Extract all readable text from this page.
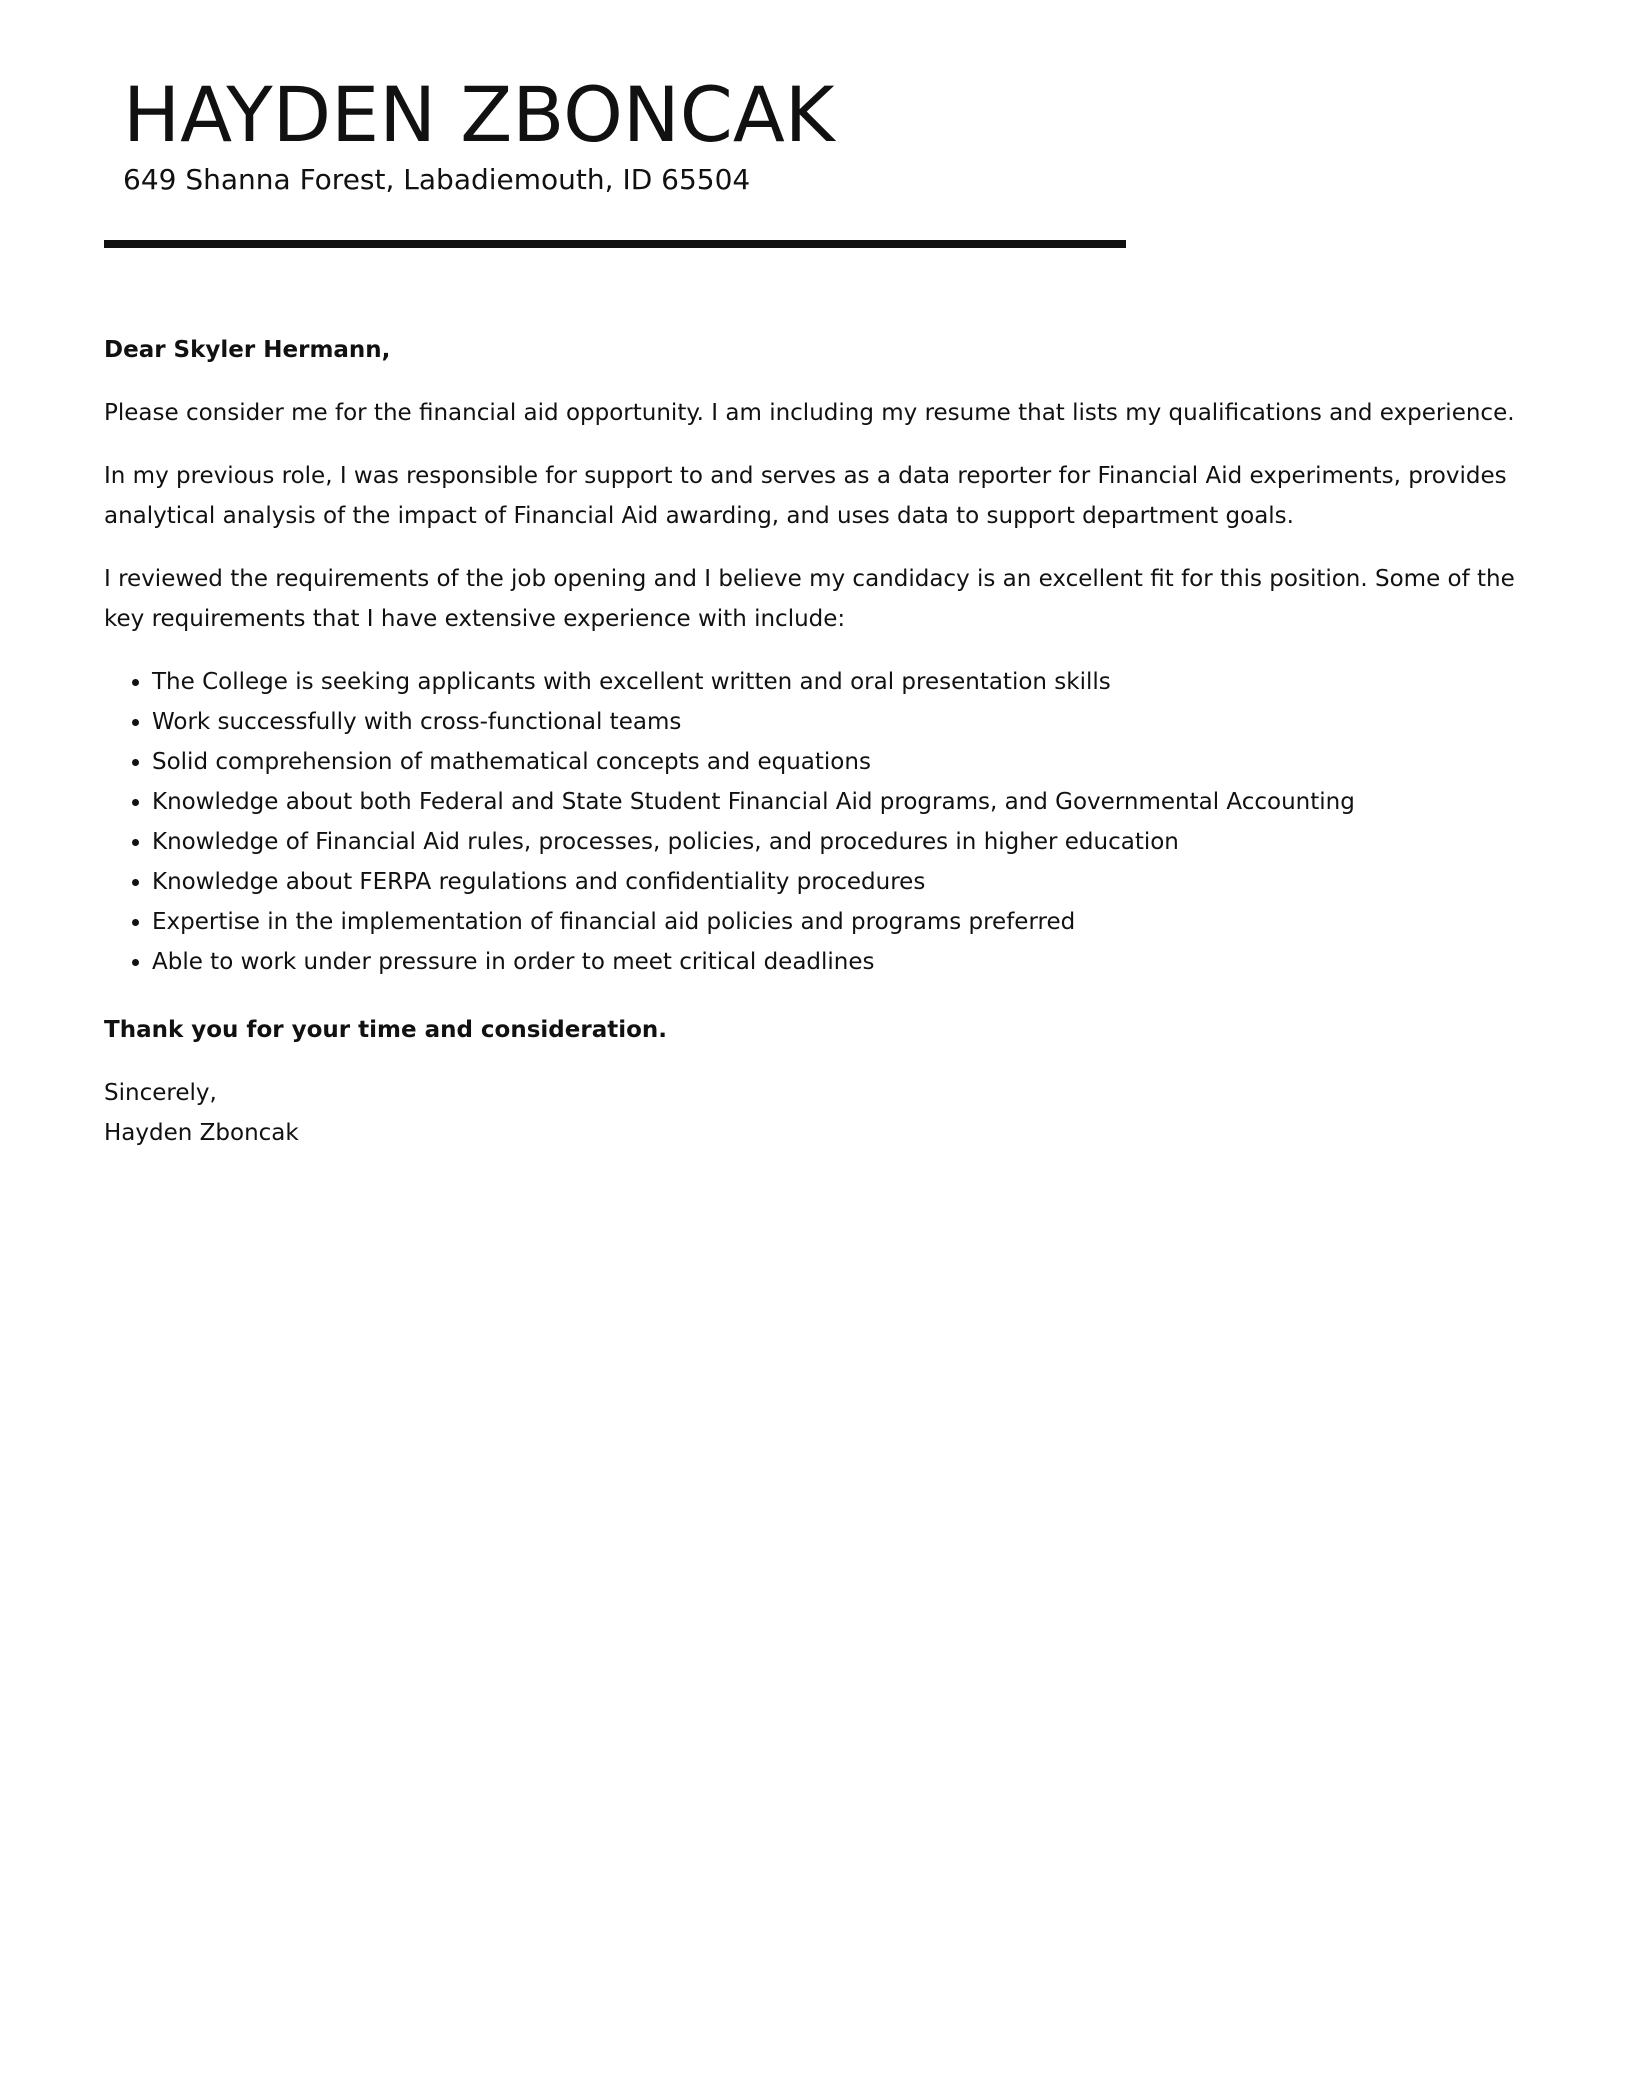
HAYDEN ZBONCAK

649 Shanna Forest, Labadiemouth, ID 65504

Dear Skyler Hermann,

Please consider me for the financial aid opportunity. I am including my resume that lists my qualifications and experience.

In my previous role, I was responsible for support to and serves as a data reporter for Financial Aid experiments, provides analytical analysis of the impact of Financial Aid awarding, and uses data to support department goals.

I reviewed the requirements of the job opening and I believe my candidacy is an excellent fit for this position. Some of the key requirements that I have extensive experience with include:

• The College is seeking applicants with excellent written and oral presentation skills
• Work successfully with cross-functional teams
• Solid comprehension of mathematical concepts and equations
• Knowledge about both Federal and State Student Financial Aid programs, and Governmental Accounting
• Knowledge of Financial Aid rules, processes, policies, and procedures in higher education
• Knowledge about FERPA regulations and confidentiality procedures
• Expertise in the implementation of financial aid policies and programs preferred
• Able to work under pressure in order to meet critical deadlines

Thank you for your time and consideration.

Sincerely,
Hayden Zboncak
